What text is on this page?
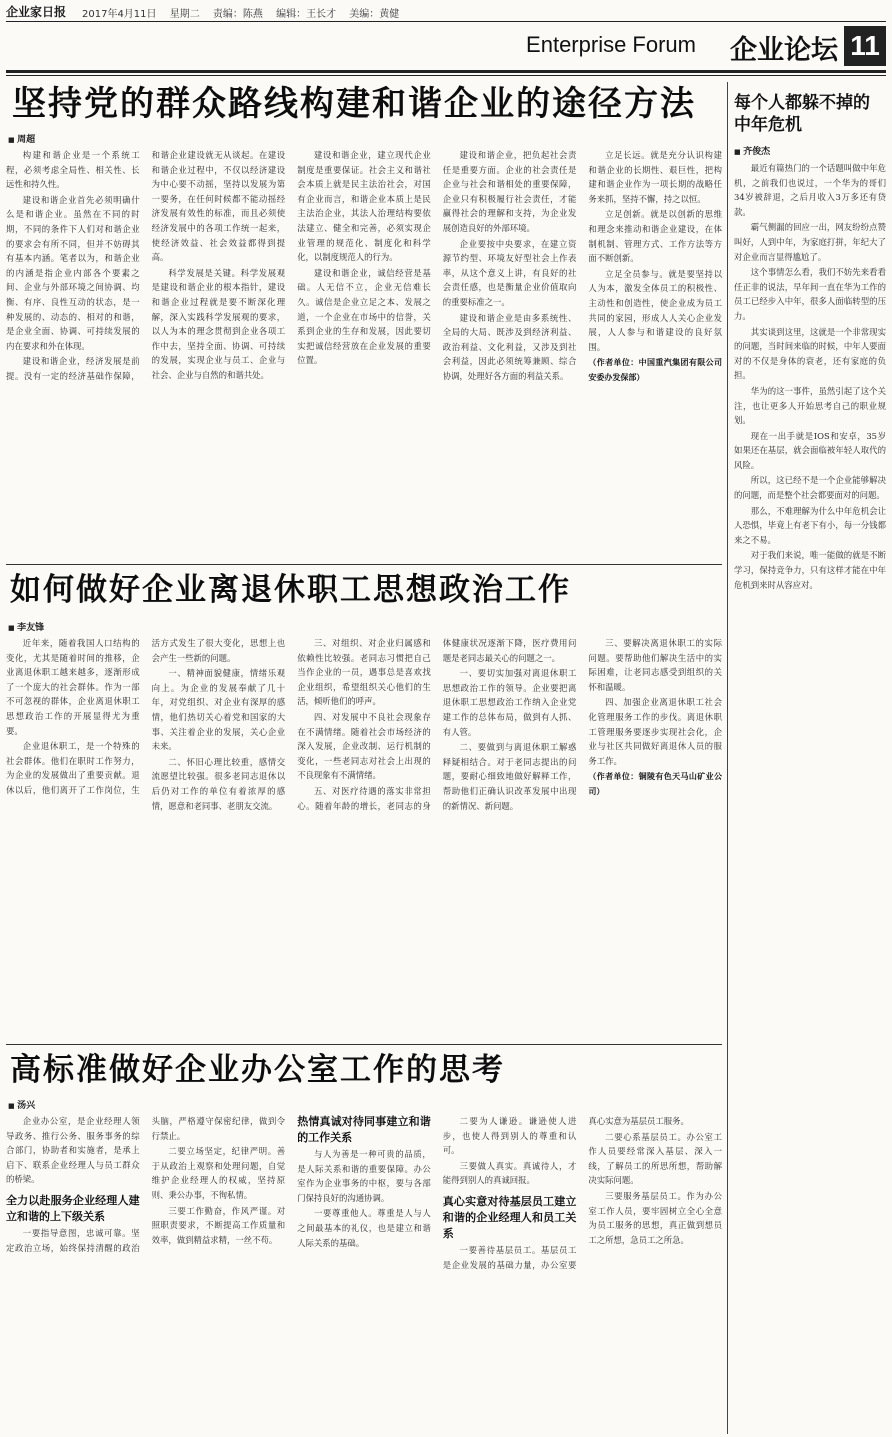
企业家日报 2017年4月11日 星期二 责编：陈燕 编辑：王长才 美编：黄健
Enterprise Forum 企业论坛 11
坚持党的群众路线构建和谐企业的途径方法
■ 周超

构建和谐企业是一个系统工程，必须考虑全局性、相关性、长远性和持久性。

建设和谐企业首先必须明确什么是和谐企业。虽然在不同的时期，不同的条件下人们对和谐企业的要求会有所不同，但并不妨碍其有基本内涵。笔者以为，和谐企业的内涵是指企业内部各个要素之间、企业与外部环境之间协调、均衡、有序、良性互动的状态，是一种发展的、动态的、相对的和谐，是企业全面、协调、可持续发展的内在要求和外在体现。

建设和谐企业，经济发展是前提。没有一定的经济基础作保障，和谐企业建设就无从谈起。在建设和谐企业过程中，不仅以经济建设为中心要不动摇，坚持以发展为第一要务，在任何时候都不能动摇经济发展有效性的标准，而且必须使经济发展中的各项工作统一起来，使经济效益、社会效益都得到提高。

科学发展是关键。科学发展观是建设和谐企业的根本指针，建设和谐企业过程就是要不断深化理解，深入实践科学发展观的要求，以人为本的理念贯彻到企业各项工作中去，坚持全面、协调、可持续的发展，实现企业与员工、企业与社会、企业与自然的和谐共处。

建设和谐企业，建立现代企业制度是重要保证。社会主义和谐社会本质上就是民主法治社会，对国有企业而言，和谐企业本质上是民主法治企业，其法人治理结构要依法建立、健全和完善，必须实现企业管理的规范化、制度化和科学化，以制度规范人的行为。

建设和谐企业，诚信经营是基础。人无信不立，企业无信难长久。诚信是企业立足之本、发展之道，一个企业在市场中的信誉，关系到企业的生存和发展，因此要切实把诚信经营放在企业发展的重要位置。

建设和谐企业，把负起社会责任是重要方面。企业的社会责任是企业与社会和谐相处的重要保障，企业只有积极履行社会责任，才能赢得社会的理解和支持，为企业发展创造良好的外部环境。

企业要按中央要求，在建立资源节约型、环境友好型社会上作表率，从这个意义上讲，有良好的社会责任感，也是衡量企业价值取向的重要标准之一。

建设和谐企业是由多系统性、全局的大局、既涉及到经济利益、政治利益、文化利益，又涉及到社会利益，因此必须统筹兼顾、综合协调，处理好各方面的利益关系。

立足长远。就是充分认识构建和谐企业的长期性、艰巨性，把构建和谐企业作为一项长期的战略任务来抓，坚持不懈，持之以恒。

立足创新。就是以创新的思维和理念来推动和谐企业建设，在体制机制、管理方式、工作方法等方面不断创新。

立足全员参与。就是要坚持以人为本，激发全体员工的积极性、主动性和创造性，使企业成为员工共同的家园，形成人人关心企业发展，人人参与和谐建设的良好氛围。

（作者单位：中国重汽集团有限公司安委办发保部）

如何做好企业离退休职工思想政治工作
■ 李友锋

近年来，随着我国人口结构的变化，尤其是随着时间的推移，企业离退休职工越来越多，逐渐形成了一个庞大的社会群体。作为一部不可忽视的群体，企业离退休职工思想政治工作的开展显得尤为重要。

企业退休职工，是一个特殊的社会群体。他们在职时工作努力，为企业的发展做出了重要贡献。退休以后，他们离开了工作岗位，生活方式发生了很大变化，思想上也会产生一些新的问题。

一、精神面貌健康，情绪乐观向上。为企业的发展奉献了几十年，对党组织、对企业有深厚的感情，他们热切关心着党和国家的大事、关注着企业的发展，关心企业未来。

二、怀旧心理比较重，感情交流愿望比较强。很多老同志退休以后仍对工作的单位有着浓厚的感情，愿意和老同事、老朋友交流。

三、对组织、对企业归属感和依赖性比较强。老同志习惯把自己当作企业的一员，遇事总是喜欢找企业组织，希望组织关心他们的生活，倾听他们的呼声。

四、对发展中不良社会现象存在不满情绪。随着社会市场经济的深入发展，企业改制、运行机制的变化，一些老同志对社会上出现的不良现象有不满情绪。

五、对医疗待遇的落实非常担心。随着年龄的增长，老同志的身体健康状况逐渐下降，医疗费用问题是老同志最关心的问题之一。

一、要切实加强对离退休职工思想政治工作的领导。企业要把离退休职工思想政治工作纳入企业党建工作的总体布局，做到有人抓、有人管。

二、要做到与离退休职工解惑释疑相结合。对于老同志提出的问题，要耐心细致地做好解释工作，帮助他们正确认识改革发展中出现的新情况、新问题。

三、要解决离退休职工的实际问题。要帮助他们解决生活中的实际困难，让老同志感受到组织的关怀和温暖。

四、加强企业离退休职工社会化管理服务工作的步伐。离退休职工管理服务要逐步实现社会化，企业与社区共同做好离退休人员的服务工作。

（作者单位：铜陵有色天马山矿业公司）

高标准做好企业办公室工作的思考
■ 汤兴

企业办公室，是企业经理人领导政务、推行公务、服务事务的综合部门，协助者和实施者，是承上启下、联系企业经理人与员工群众的桥梁。

全力以赴服务企业经理人建立和谐的上下级关系

一要指导意图，忠诚可靠。坚定政治立场，始终保持清醒的政治头脑，严格遵守保密纪律，做到令行禁止。

二要立场坚定，纪律严明。善于从政治上观察和处理问题，自觉维护企业经理人的权威，坚持原则、秉公办事，不徇私情。

三要工作勤奋，作风严谨。对照职责要求，不断提高工作质量和效率，做到精益求精，一丝不苟。

热情真诚对待同事建立和谐的工作关系

与人为善是一种可贵的品质，是人际关系和谐的重要保障。办公室作为企业事务的中枢，要与各部门保持良好的沟通协调。

一要尊重他人。尊重是人与人之间最基本的礼仪，也是建立和谐人际关系的基础。

二要为人谦逊。谦逊使人进步，也使人得到别人的尊重和认可。

三要做人真实。真诚待人，才能得到别人的真诚回报。

真心实意对待基层员工建立和谐的企业经理人和员工关系

一要善待基层员工。基层员工是企业发展的基础力量，办公室要真心实意为基层员工服务。

二要心系基层员工。办公室工作人员要经常深入基层、深入一线，了解员工的所思所想，帮助解决实际问题。

三要服务基层员工。作为办公室工作人员，要牢固树立全心全意为员工服务的思想，真正做到想员工之所想，急员工之所急。

每个人都躲不掉的中年危机
■ 齐俊杰

最近有篇热门的一个话题叫做中年危机，之前我们也说过，一个华为的哥们34岁被辞退，之后月收入3万多还有贷款。

霸气侧漏的回应一出，网友纷纷点赞叫好，人到中年，为家庭打拼，年纪大了对企业而言显得尴尬了。

这个事情怎么看，我们不妨先来看看任正非的说法，早年间一直在华为工作的员工已经步入中年，很多人面临转型的压力。

其实谈到这里，这就是一个非常现实的问题，当时间来临的时候，中年人要面对的不仅是身体的衰老，还有家庭的负担。

华为的这一事件，虽然引起了这个关注，也让更多人开始思考自己的职业规划。

现在一出手就是IOS和安卓，35岁如果还在基层，就会面临被年轻人取代的风险。

所以，这已经不是一个企业能够解决的问题，而是整个社会都要面对的问题。

那么，不难理解为什么中年危机会让人恐惧，毕竟上有老下有小，每一分钱都来之不易。

对于我们来说，唯一能做的就是不断学习，保持竞争力，只有这样才能在中年危机到来时从容应对。
